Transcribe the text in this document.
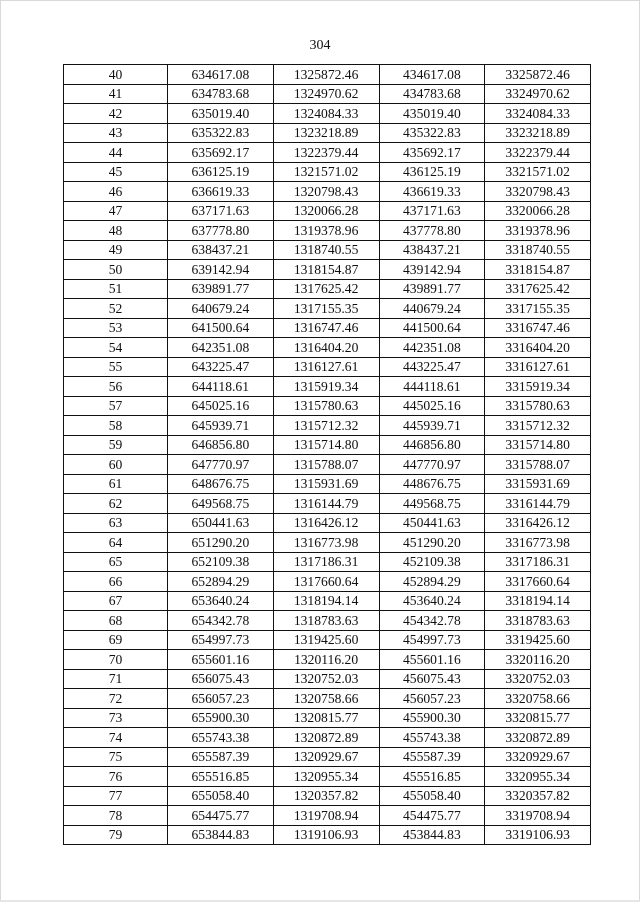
304
40	634617.08	1325872.46	434617.08	3325872.46
41	634783.68	1324970.62	434783.68	3324970.62
42	635019.40	1324084.33	435019.40	3324084.33
43	635322.83	1323218.89	435322.83	3323218.89
44	635692.17	1322379.44	435692.17	3322379.44
45	636125.19	1321571.02	436125.19	3321571.02
46	636619.33	1320798.43	436619.33	3320798.43
47	637171.63	1320066.28	437171.63	3320066.28
48	637778.80	1319378.96	437778.80	3319378.96
49	638437.21	1318740.55	438437.21	3318740.55
50	639142.94	1318154.87	439142.94	3318154.87
51	639891.77	1317625.42	439891.77	3317625.42
52	640679.24	1317155.35	440679.24	3317155.35
53	641500.64	1316747.46	441500.64	3316747.46
54	642351.08	1316404.20	442351.08	3316404.20
55	643225.47	1316127.61	443225.47	3316127.61
56	644118.61	1315919.34	444118.61	3315919.34
57	645025.16	1315780.63	445025.16	3315780.63
58	645939.71	1315712.32	445939.71	3315712.32
59	646856.80	1315714.80	446856.80	3315714.80
60	647770.97	1315788.07	447770.97	3315788.07
61	648676.75	1315931.69	448676.75	3315931.69
62	649568.75	1316144.79	449568.75	3316144.79
63	650441.63	1316426.12	450441.63	3316426.12
64	651290.20	1316773.98	451290.20	3316773.98
65	652109.38	1317186.31	452109.38	3317186.31
66	652894.29	1317660.64	452894.29	3317660.64
67	653640.24	1318194.14	453640.24	3318194.14
68	654342.78	1318783.63	454342.78	3318783.63
69	654997.73	1319425.60	454997.73	3319425.60
70	655601.16	1320116.20	455601.16	3320116.20
71	656075.43	1320752.03	456075.43	3320752.03
72	656057.23	1320758.66	456057.23	3320758.66
73	655900.30	1320815.77	455900.30	3320815.77
74	655743.38	1320872.89	455743.38	3320872.89
75	655587.39	1320929.67	455587.39	3320929.67
76	655516.85	1320955.34	455516.85	3320955.34
77	655058.40	1320357.82	455058.40	3320357.82
78	654475.77	1319708.94	454475.77	3319708.94
79	653844.83	1319106.93	453844.83	3319106.93
